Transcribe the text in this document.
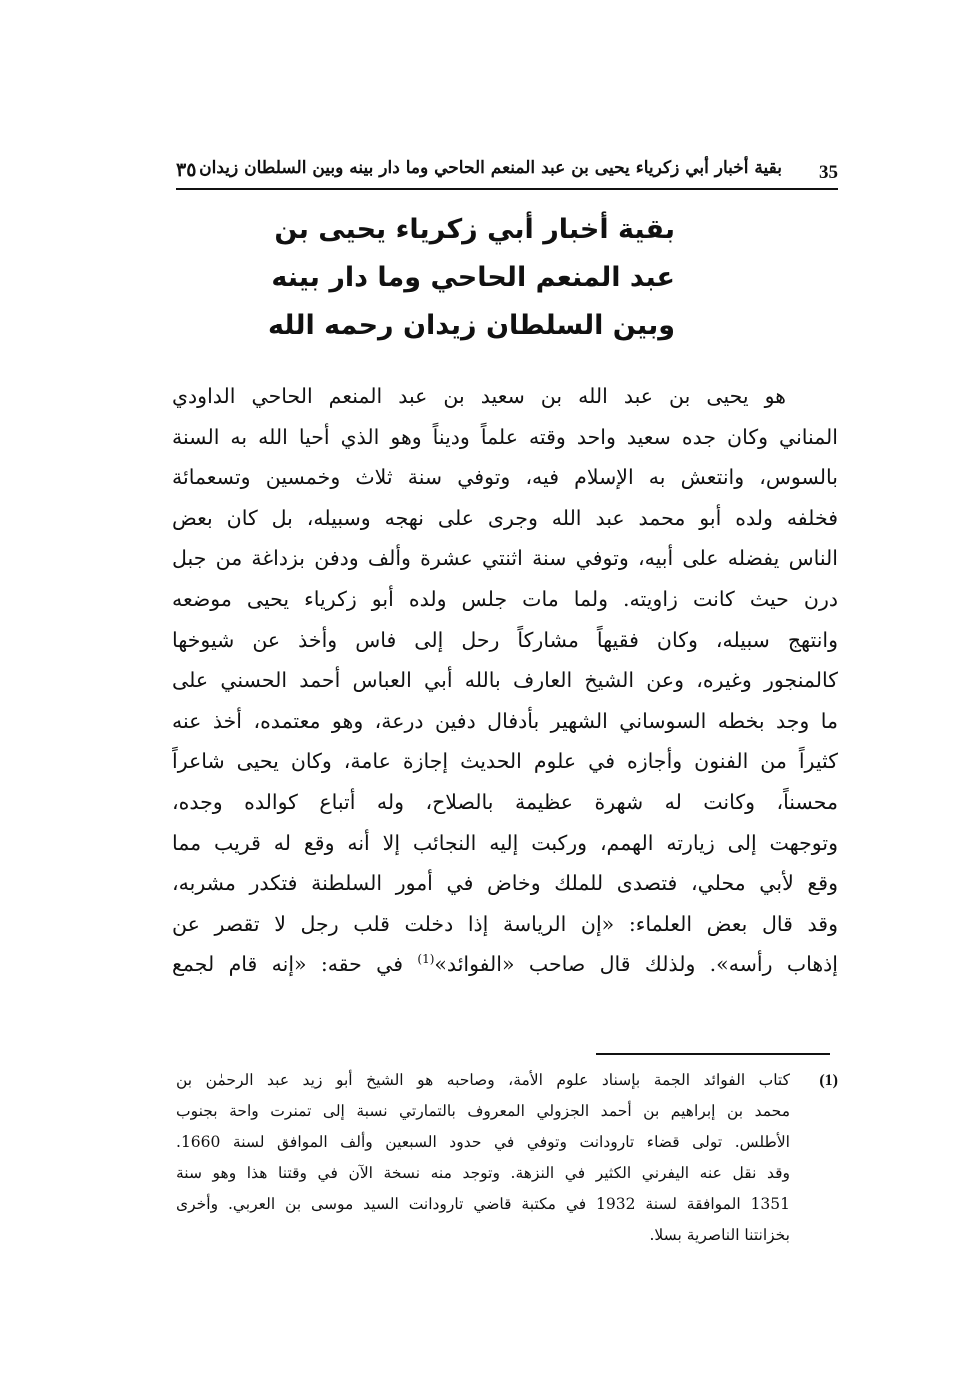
35
بقية أخبار أبي زكرياء يحيى بن عبد المنعم الحاحي وما دار بينه وبين السلطان زيدان
٣٥
بقية أخبار أبي زكرياء يحيى بن
عبد المنعم الحاحي وما دار بينه
وبين السلطان زيدان رحمه الله
هو يحيى بن عبد الله بن سعيد بن عبد المنعم الحاحي الداودي
المناني وكان جده سعيد واحد وقته علماً وديناً وهو الذي أحيا الله به السنة
بالسوس، وانتعش به الإسلام فيه، وتوفي سنة ثلاث وخمسين وتسعمائة
فخلفه ولده أبو محمد عبد الله وجرى على نهجه وسبيله، بل كان بعض
الناس يفضله على أبيه، وتوفي سنة اثنتي عشرة وألف ودفن بزداغة من جبل
درن حيث كانت زاويته. ولما مات جلس ولده أبو زكرياء يحيى موضعه
وانتهج سبيله، وكان فقيهاً مشاركاً رحل إلى فاس وأخذ عن شيوخها
كالمنجور وغيره، وعن الشيخ العارف بالله أبي العباس أحمد الحسني على
ما وجد بخطه السوساني الشهير بأدفال دفين درعة، وهو معتمده، أخذ عنه
كثيراً من الفنون وأجازه في علوم الحديث إجازة عامة، وكان يحيى شاعراً
محسناً، وكانت له شهرة عظيمة بالصلاح، وله أتباع كوالده وجده،
وتوجهت إلى زيارته الهمم، وركبت إليه النجائب إلا أنه وقع له قريب مما
وقع لأبي محلي، فتصدى للملك وخاض في أمور السلطنة فتكدر مشربه،
وقد قال بعض العلماء: «إن الرياسة إذا دخلت قلب رجل لا تقصر عن
إذهاب رأسه». ولذلك قال صاحب «الفوائد»$^{(1)}$ في حقه: «إنه قام لجمع
(1)
كتاب الفوائد الجمة بإسناد علوم الأمة، وصاحبه هو الشيخ أبو زيد عبد الرحمٰن بن
محمد بن إبراهيم بن أحمد الجزولي المعروف بالتمارتي نسبة إلى تمنرت واحة بجنوب
الأطلس. تولى قضاء تارودانت وتوفي في حدود السبعين وألف الموافق لسنة 1660.
وقد نقل عنه اليفرني الكثير في النزهة. وتوجد منه نسخة الآن في وقتنا هذا وهو سنة
1351 الموافقة لسنة 1932 في مكتبة قاضي تارودانت السيد موسى بن العربي. وأخرى
بخزانتنا الناصرية بسلا.
